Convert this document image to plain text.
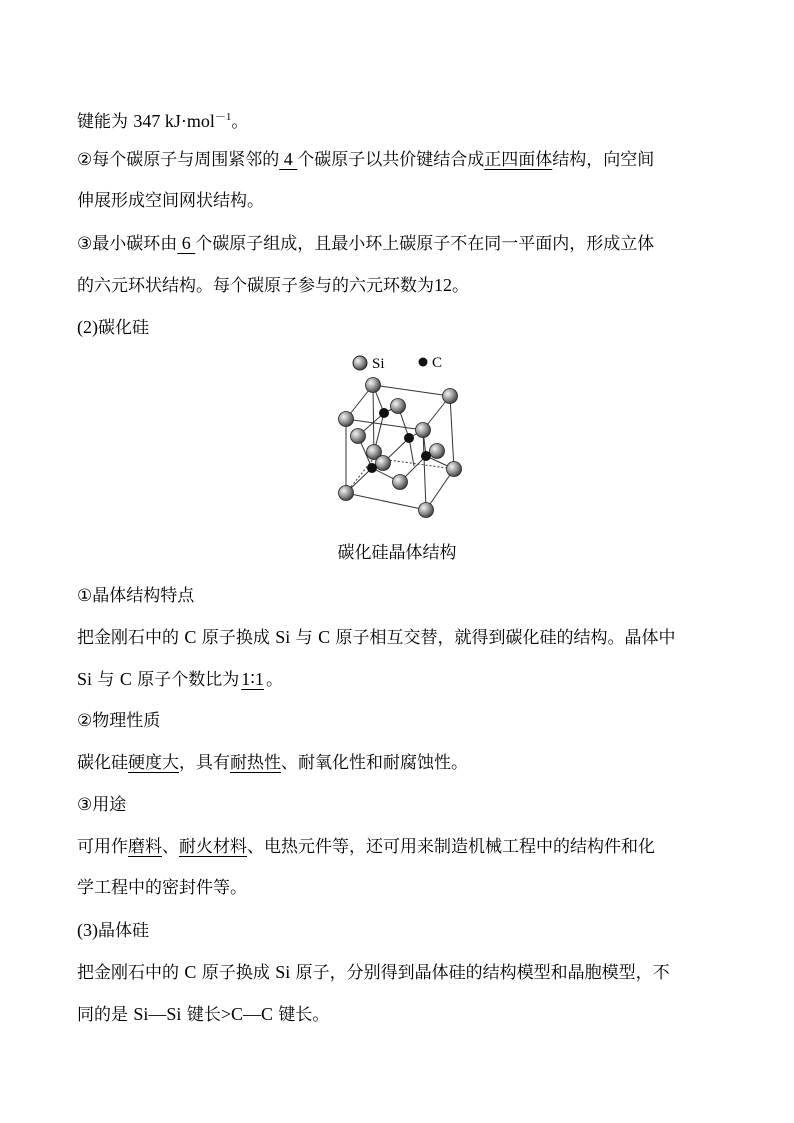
键能为 347 kJ·mol$^{-1}$。
②每个碳原子与周围紧邻的 4 个碳原子以共价键结合成正四面体结构，向空间
伸展形成空间网状结构。
③最小碳环由 6 个碳原子组成，且最小环上碳原子不在同一平面内，形成立体
的六元环状结构。每个碳原子参与的六元环数为12。
(2)碳化硅
Si	C
碳化硅晶体结构
①晶体结构特点
把金刚石中的 C 原子换成 Si 与 C 原子相互交替，就得到碳化硅的结构。晶体中
Si 与 C 原子个数比为 1∶1 。
②物理性质
碳化硅硬度大，具有耐热性、耐氧化性和耐腐蚀性。
③用途
可用作磨料、耐火材料、电热元件等，还可用来制造机械工程中的结构件和化
学工程中的密封件等。
(3)晶体硅
把金刚石中的 C 原子换成 Si 原子，分别得到晶体硅的结构模型和晶胞模型，不
同的是 Si—Si 键长>C—C 键长。
